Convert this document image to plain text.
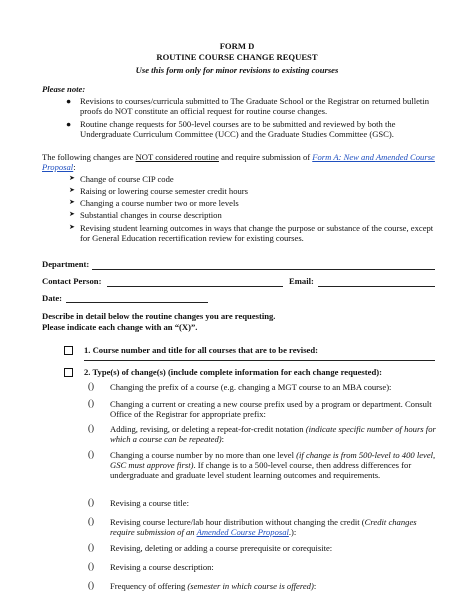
FORM D
ROUTINE COURSE CHANGE REQUEST
Use this form only for minor revisions to existing courses
Please note:
● Revisions to courses/curricula submitted to The Graduate School or the Registrar on returned bulletin proofs do NOT constitute an official request for routine course changes.
● Routine change requests for 500-level courses are to be submitted and reviewed by both the Undergraduate Curriculum Committee (UCC) and the Graduate Studies Committee (GSC).
The following changes are NOT considered routine and require submission of Form A: New and Amended Course Proposal:
➤ Change of course CIP code
➤ Raising or lowering course semester credit hours
➤ Changing a course number two or more levels
➤ Substantial changes in course description
➤ Revising student learning outcomes in ways that change the purpose or substance of the course, except for General Education recertification review for existing courses.
Department:
Contact Person:	Email:
Date:
Describe in detail below the routine changes you are requesting.
Please indicate each change with an “(X)”.
1. Course number and title for all courses that are to be revised:
2. Type(s) of change(s) (include complete information for each change requested):
() Changing the prefix of a course (e.g. changing a MGT course to an MBA course):
() Changing a current or creating a new course prefix used by a program or department. Consult Office of the Registrar for appropriate prefix:
() Adding, revising, or deleting a repeat-for-credit notation (indicate specific number of hours for which a course can be repeated):
() Changing a course number by no more than one level (if change is from 500-level to 400 level, GSC must approve first). If change is to a 500-level course, then address differences for undergraduate and graduate level student learning outcomes and requirements.
() Revising a course title:
() Revising course lecture/lab hour distribution without changing the credit (Credit changes require submission of an Amended Course Proposal.):
() Revising, deleting or adding a course prerequisite or corequisite:
() Revising a course description:
() Frequency of offering (semester in which course is offered):
